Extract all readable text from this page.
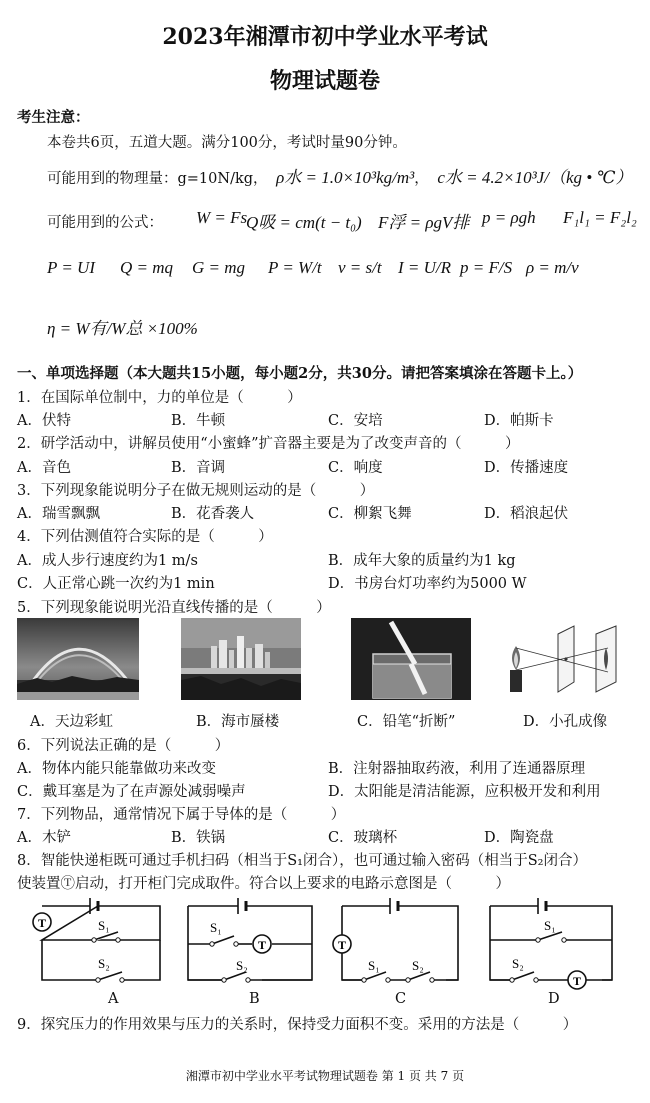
2023年湘潭市初中学业水平考试
物理试题卷
考生注意：
本卷共6页，五道大题。满分100分，考试时量90分钟。
可能用到的物理量：g=10N/kg， ρ水 = 1.0×10³kg/m³， c水 = 4.2×10³J/（kg • ℃）
可能用到的公式： W = Fs
Q吸 = cm(t − t₀) F浮 = ρgV排 p = ρgh F₁l₁ = F₂l₂
P = UI Q = mq G = mg P = W/t v = s/t I = U/R p = F/S ρ = m/v
η = W有/W总 ×100%
一、单项选择题（本大题共15小题，每小题2分，共30分。请把答案填涂在答题卡上。）
1．在国际单位制中，力的单位是（　　　）
A．伏特	B．牛顿	C．安培	D．帕斯卡
2．研学活动中，讲解员使用“小蜜蜂”扩音器主要是为了改变声音的（　　　）
A．音色	B．音调	C．响度	D．传播速度
3．下列现象能说明分子在做无规则运动的是（　　　）
A．瑞雪飘飘	B．花香袭人	C．柳絮飞舞	D．稻浪起伏
4．下列估测值符合实际的是（　　　）
A．成人步行速度约为1 m/s	B．成年大象的质量约为1 kg
C．人正常心跳一次约为1 min	D．书房台灯功率约为5000 W
5．下列现象能说明光沿直线传播的是（　　　）
A．天边彩虹	B．海市蜃楼	C．铅笔“折断”	D．小孔成像
6．下列说法正确的是（　　　）
A．物体内能只能靠做功来改变	B．注射器抽取药液，利用了连通器原理
C．戴耳塞是为了在声源处减弱噪声	D．太阳能是清洁能源，应积极开发和利用
7．下列物品，通常情况下属于导体的是（　　　）
A．木铲	B．铁锅	C．玻璃杯	D．陶瓷盘
8．智能快递柜既可通过手机扫码（相当于S₁闭合），也可通过输入密码（相当于S₂闭合）
使装置Ⓣ启动，打开柜门完成取件。符合以上要求的电路示意图是（　　　）
T	S₁
S₂
A
T
S₁
S₂
B
T
S₁ S₂
C
T
S₁
S₂
D
9．探究压力的作用效果与压力的关系时，保持受力面积不变。采用的方法是（　　　）
湘潭市初中学业水平考试物理试题卷 第 1 页 共 7 页
